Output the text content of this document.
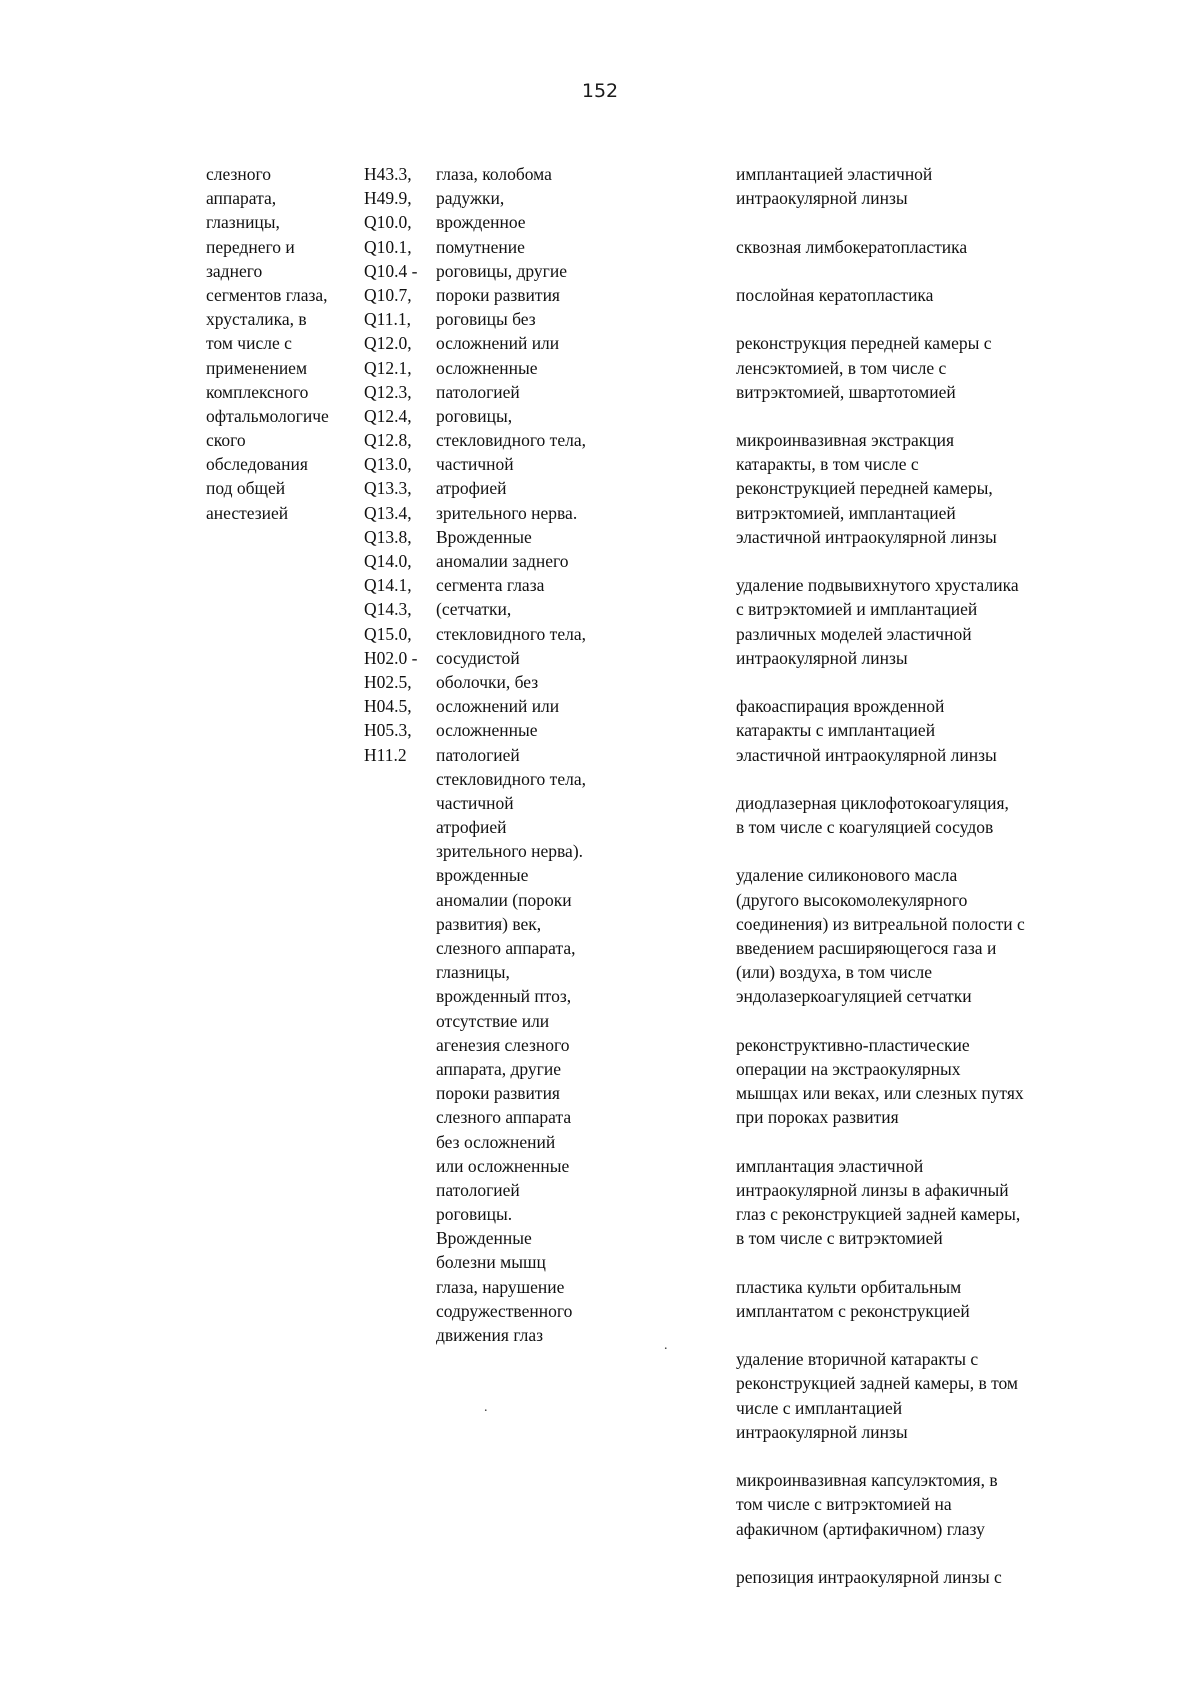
152
слезного
аппарата,
глазницы,
переднего и
заднего
сегментов глаза,
хрусталика, в
том числе с
применением
комплексного
офтальмологиче
ского
обследования
под общей
анестезией
H43.3,
H49.9,
Q10.0,
Q10.1,
Q10.4 -
Q10.7,
Q11.1,
Q12.0,
Q12.1,
Q12.3,
Q12.4,
Q12.8,
Q13.0,
Q13.3,
Q13.4,
Q13.8,
Q14.0,
Q14.1,
Q14.3,
Q15.0,
H02.0 -
H02.5,
H04.5,
H05.3,
H11.2
глаза, колобома
радужки,
врожденное
помутнение
роговицы, другие
пороки развития
роговицы без
осложнений или
осложненные
патологией
роговицы,
стекловидного тела,
частичной
атрофией
зрительного нерва.
Врожденные
аномалии заднего
сегмента глаза
(сетчатки,
стекловидного тела,
сосудистой
оболочки, без
осложнений или
осложненные
патологией
стекловидного тела,
частичной
атрофией
зрительного нерва).
врожденные
аномалии (пороки
развития) век,
слезного аппарата,
глазницы,
врожденный птоз,
отсутствие или
агенезия слезного
аппарата, другие
пороки развития
слезного аппарата
без осложнений
или осложненные
патологией
роговицы.
Врожденные
болезни мышц
глаза, нарушение
содружественного
движения глаз
имплантацией эластичной
интраокулярной линзы
сквозная лимбокератопластика
послойная кератопластика
реконструкция передней камеры с
ленсэктомией, в том числе с
витрэктомией, швартотомией
микроинвазивная экстракция
катаракты, в том числе с
реконструкцией передней камеры,
витрэктомией, имплантацией
эластичной интраокулярной линзы
удаление подвывихнутого хрусталика
с витрэктомией и имплантацией
различных моделей эластичной
интраокулярной линзы
факоаспирация врожденной
катаракты с имплантацией
эластичной интраокулярной линзы
диодлазерная циклофотокоагуляция,
в том числе с коагуляцией сосудов
удаление силиконового масла
(другого высокомолекулярного
соединения) из витреальной полости с
введением расширяющегося газа и
(или) воздуха, в том числе
эндолазеркоагуляцией сетчатки
реконструктивно-пластические
операции на экстраокулярных
мышцах или веках, или слезных путях
при пороках развития
имплантация эластичной
интраокулярной линзы в афакичный
глаз с реконструкцией задней камеры,
в том числе с витрэктомией
пластика культи орбитальным
имплантатом с реконструкцией
удаление вторичной катаракты с
реконструкцией задней камеры, в том
числе с имплантацией
интраокулярной линзы
микроинвазивная капсулэктомия, в
том числе с витрэктомией на
афакичном (артифакичном) глазу
репозиция интраокулярной линзы с
.
.
